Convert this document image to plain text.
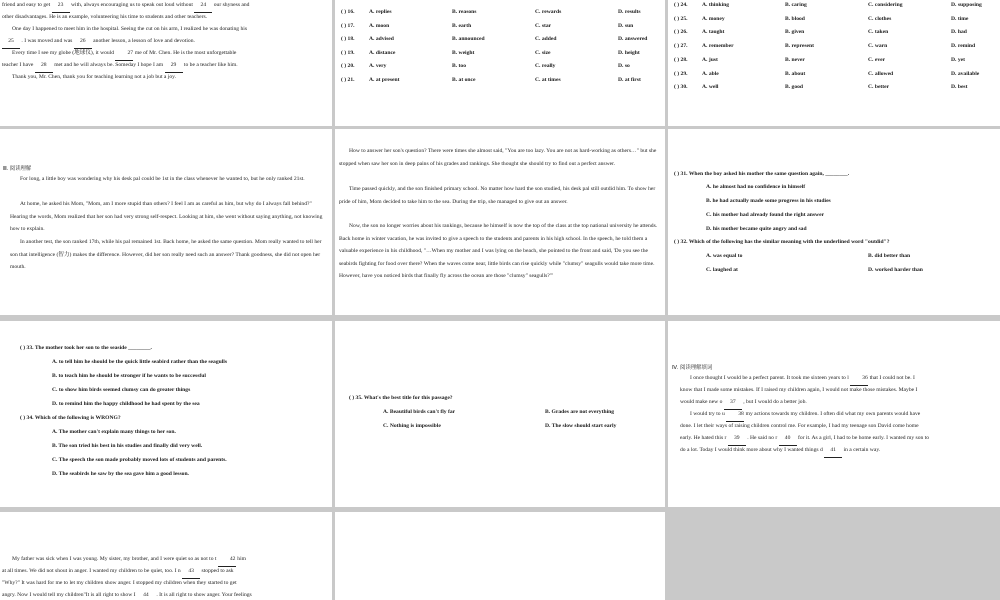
friend and easy to get 23 with, always encouraging us to speak out loud without 24 our shyness and
other disadvantages. He is an example, volunteering his time to students and other teachers.
One day I happened to meet him in the hospital. Seeing the cut on his arm, I realized he was donating his
25 . I was moved and was 26 another lesson, a lesson of love and devotion.
Every time I see my globe (地球仪), it would 27 me of Mr. Chen. He is the most unforgettable
teacher I have 28 met and he will always be. Someday I hope I am 29 to be a teacher like him.
Thank you, Mr. Chen, thank you for teaching learning not a job but a joy.
( ) 16.	A. replies	B. reasons	C. rewards	D. results
( ) 17.	A. moon	B. earth	C. star	D. sun
( ) 18.	A. advised	B. announced	C. added	D. answered
( ) 19.	A. distance	B. weight	C. size	D. height
( ) 20.	A. very	B. too	C. really	D. so
( ) 21.	A. at present	B. at once	C. at times	D. at first
( ) 24.	A. thinking	B. caring	C. considering	D. supposing
( ) 25.	A. money	B. blood	C. clothes	D. time
( ) 26.	A. taught	B. given	C. taken	D. had
( ) 27.	A. remember	B. represent	C. warn	D. remind
( ) 28.	A. just	B. never	C. ever	D. yet
( ) 29.	A. able	B. about	C. allowed	D. available
( ) 30.	A. well	B. good	C. better	D. best
Ⅲ. 阅读理解
For long, a little boy was wondering why his desk pal could be 1st in the class whenever he wanted to, but he only ranked 21st.
At home, he asked his Mom, "Mom, am I more stupid than others? I feel I am as careful as him, but why do I always fall behind?" Hearing the words, Mom realized that her son had very strong self-respect. Looking at him, she went without saying anything, not knowing how to explain.
In another test, the son ranked 17th, while his pal remained 1st. Back home, he asked the same question. Mom really wanted to tell her son that intelligence (智力) makes the difference. However, did her son really need such an answer? Thank goodness, she did not open her mouth.
How to answer her son's question? There were times she almost said, "You are too lazy. You are not as hard-working as others…" but she stopped when saw her son in deep pains of his grades and rankings. She thought she should try to find out a perfect answer.
Time passed quickly, and the son finished primary school. No matter how hard the son studied, his desk pal still outdid him. To show her pride of him, Mom decided to take him to the sea. During the trip, she managed to give out an answer.
Now, the son no longer worries about his rankings, because he himself is now the top of the class at the top national university he attends. Back home in winter vacation, he was invited to give a speech to the students and parents in his high school. In the speech, he told them a valuable experience in his childhood, "…When my mother and I was lying on the beach, she pointed to the front and said, 'Do you see the seabirds fighting for food over there? When the waves come near, little birds can rise quickly while "clumsy" seagulls would take more time. However, have you noticed birds that finally fly across the ocean are those "clumsy" seagulls?'"
( ) 31. When the boy asked his mother the same question again, ________.
A. he almost had no confidence in himself
B. he had actually made some progress in his studies
C. his mother had already found the right answer
D. his mother became quite angry and sad
( ) 32. Which of the following has the similar meaning with the underlined word "outdid"?
A. was equal to	B. did better than
C. laughed at	D. worked harder than
( ) 33. The mother took her son to the seaside ________.
A. to tell him he should be the quick little seabird rather than the seagulls
B. to teach him he should be stronger if he wants to be successful
C. to show him birds seemed clumsy can do greater things
D. to remind him the happy childhood he had spent by the sea
( ) 34. Which of the following is WRONG?
A. The mother can't explain many things to her son.
B. The son tried his best in his studies and finally did very well.
C. The speech the son made probably moved lots of students and parents.
D. The seabirds he saw by the sea gave him a good lesson.
( ) 35. What's the best title for this passage?
A. Beautiful birds can't fly far	B. Grades are not everything
C. Nothing is impossible	D. The slow should start early
Ⅳ. 阅读理解填词
I once thought I would be a perfect parent. It took me sixteen years to l 36 that I could not be. I
know that I made some mistakes. If I raised my children again, I would not make those mistakes. Maybe I
would make new o 37 , but I would do a better job.
I would try to u 38 my actions towards my children. I often did what my own parents would have
done. I let their ways of raising children control me. For example, I had my teenage son David come home
early. He hated this r 39 . He said no r 40 for it. As a girl, I had to be home early. I wanted my son to
do a lot. Today I would think more about why I wanted things d 41 in a certain way.
My father was sick when I was young. My sister, my brother, and I were quiet so as not to t 42 him
at all times. We did not shout in anger. I wanted my children to be quiet, too. I n 43 stopped to ask
"Why?" It was hard for me to let my children show anger. I stopped my children when they started to get
angry. Now I would tell my children"It is all right to show I 44 . It is all right to show anger. Your feelings
